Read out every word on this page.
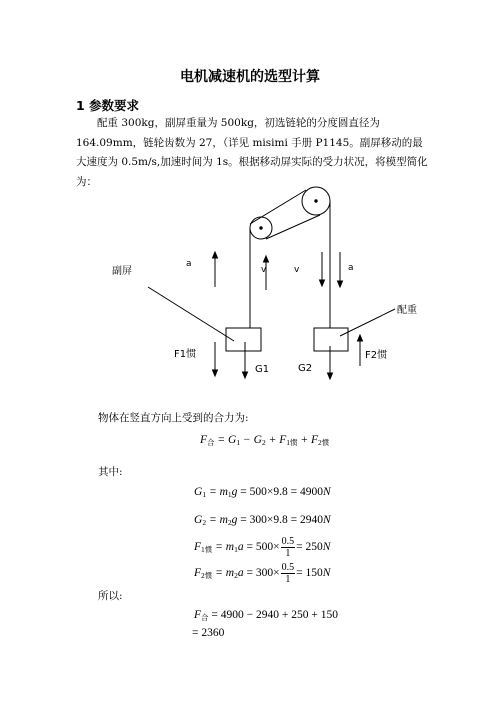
电机减速机的选型计算
1 参数要求

配重 300kg，副屏重量为 500kg，初选链轮的分度圆直径为 164.09mm，链轮齿数为 27，（详见 misimi 手册 P1145。副屏移动的最大速度为 0.5m/s,加速时间为 1s。根据移动屏实际的受力状况，将模型简化为：

副屏
配重
a
v	v	a
F1惯
G1	G2
F2惯

物体在竖直方向上受到的合力为:

$F_合 = G_1 - G_2 + F_{1惯} + F_{2惯}$

其中:

$G_1 = m_1g = 500\times 9.8 = 4900N$
$G_2 = m_2g = 300\times 9.8 = 2940N$
$F_{1惯} = m_1a = 500\times \frac{0.5}{1} = 250N$
$F_{2惯} = m_2a = 300\times \frac{0.5}{1} = 150N$

所以:

$F_合 = 4900 - 2940 + 250 + 150$
= 2360
